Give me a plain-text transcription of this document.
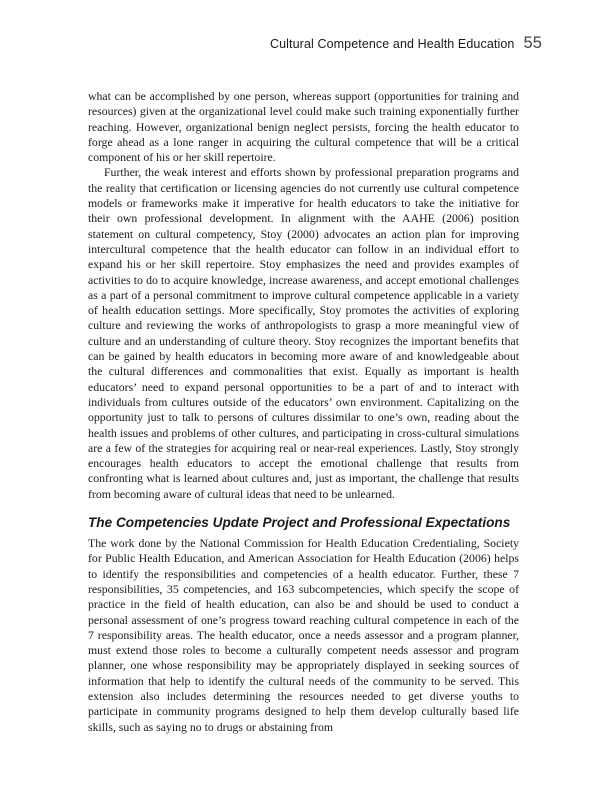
Cultural Competence and Health Education 55

what can be accomplished by one person, whereas support (opportunities for training and resources) given at the organizational level could make such training exponentially further reaching. However, organizational benign neglect persists, forcing the health educator to forge ahead as a lone ranger in acquiring the cultural competence that will be a critical component of his or her skill repertoire.

Further, the weak interest and efforts shown by professional preparation programs and the reality that certification or licensing agencies do not currently use cultural competence models or frameworks make it imperative for health educators to take the initiative for their own professional development. In alignment with the AAHE (2006) position statement on cultural competency, Stoy (2000) advocates an action plan for improving intercultural competence that the health educator can follow in an individual effort to expand his or her skill repertoire. Stoy emphasizes the need and provides examples of activities to do to acquire knowledge, increase awareness, and accept emotional challenges as a part of a personal commitment to improve cultural competence applicable in a variety of health education settings. More specifically, Stoy promotes the activities of exploring culture and reviewing the works of anthropologists to grasp a more meaningful view of culture and an understanding of culture theory. Stoy recognizes the important benefits that can be gained by health educators in becoming more aware of and knowledgeable about the cultural differences and commonalities that exist. Equally as important is health educators’ need to expand personal opportunities to be a part of and to interact with individuals from cultures outside of the educators’ own environment. Capitalizing on the opportunity just to talk to persons of cultures dissimilar to one’s own, reading about the health issues and problems of other cultures, and participating in cross-cultural simulations are a few of the strategies for acquiring real or near-real experiences. Lastly, Stoy strongly encourages health educators to accept the emotional challenge that results from confronting what is learned about cultures and, just as important, the challenge that results from becoming aware of cultural ideas that need to be unlearned.

The Competencies Update Project and Professional Expectations

The work done by the National Commission for Health Education Credentialing, Society for Public Health Education, and American Association for Health Education (2006) helps to identify the responsibilities and competencies of a health educator. Further, these 7 responsibilities, 35 competencies, and 163 subcompetencies, which specify the scope of practice in the field of health education, can also be and should be used to conduct a personal assessment of one’s progress toward reaching cultural competence in each of the 7 responsibility areas. The health educator, once a needs assessor and a program planner, must extend those roles to become a culturally competent needs assessor and program planner, one whose responsibility may be appropriately displayed in seeking sources of information that help to identify the cultural needs of the community to be served. This extension also includes determining the resources needed to get diverse youths to participate in community programs designed to help them develop culturally based life skills, such as saying no to drugs or abstaining from
